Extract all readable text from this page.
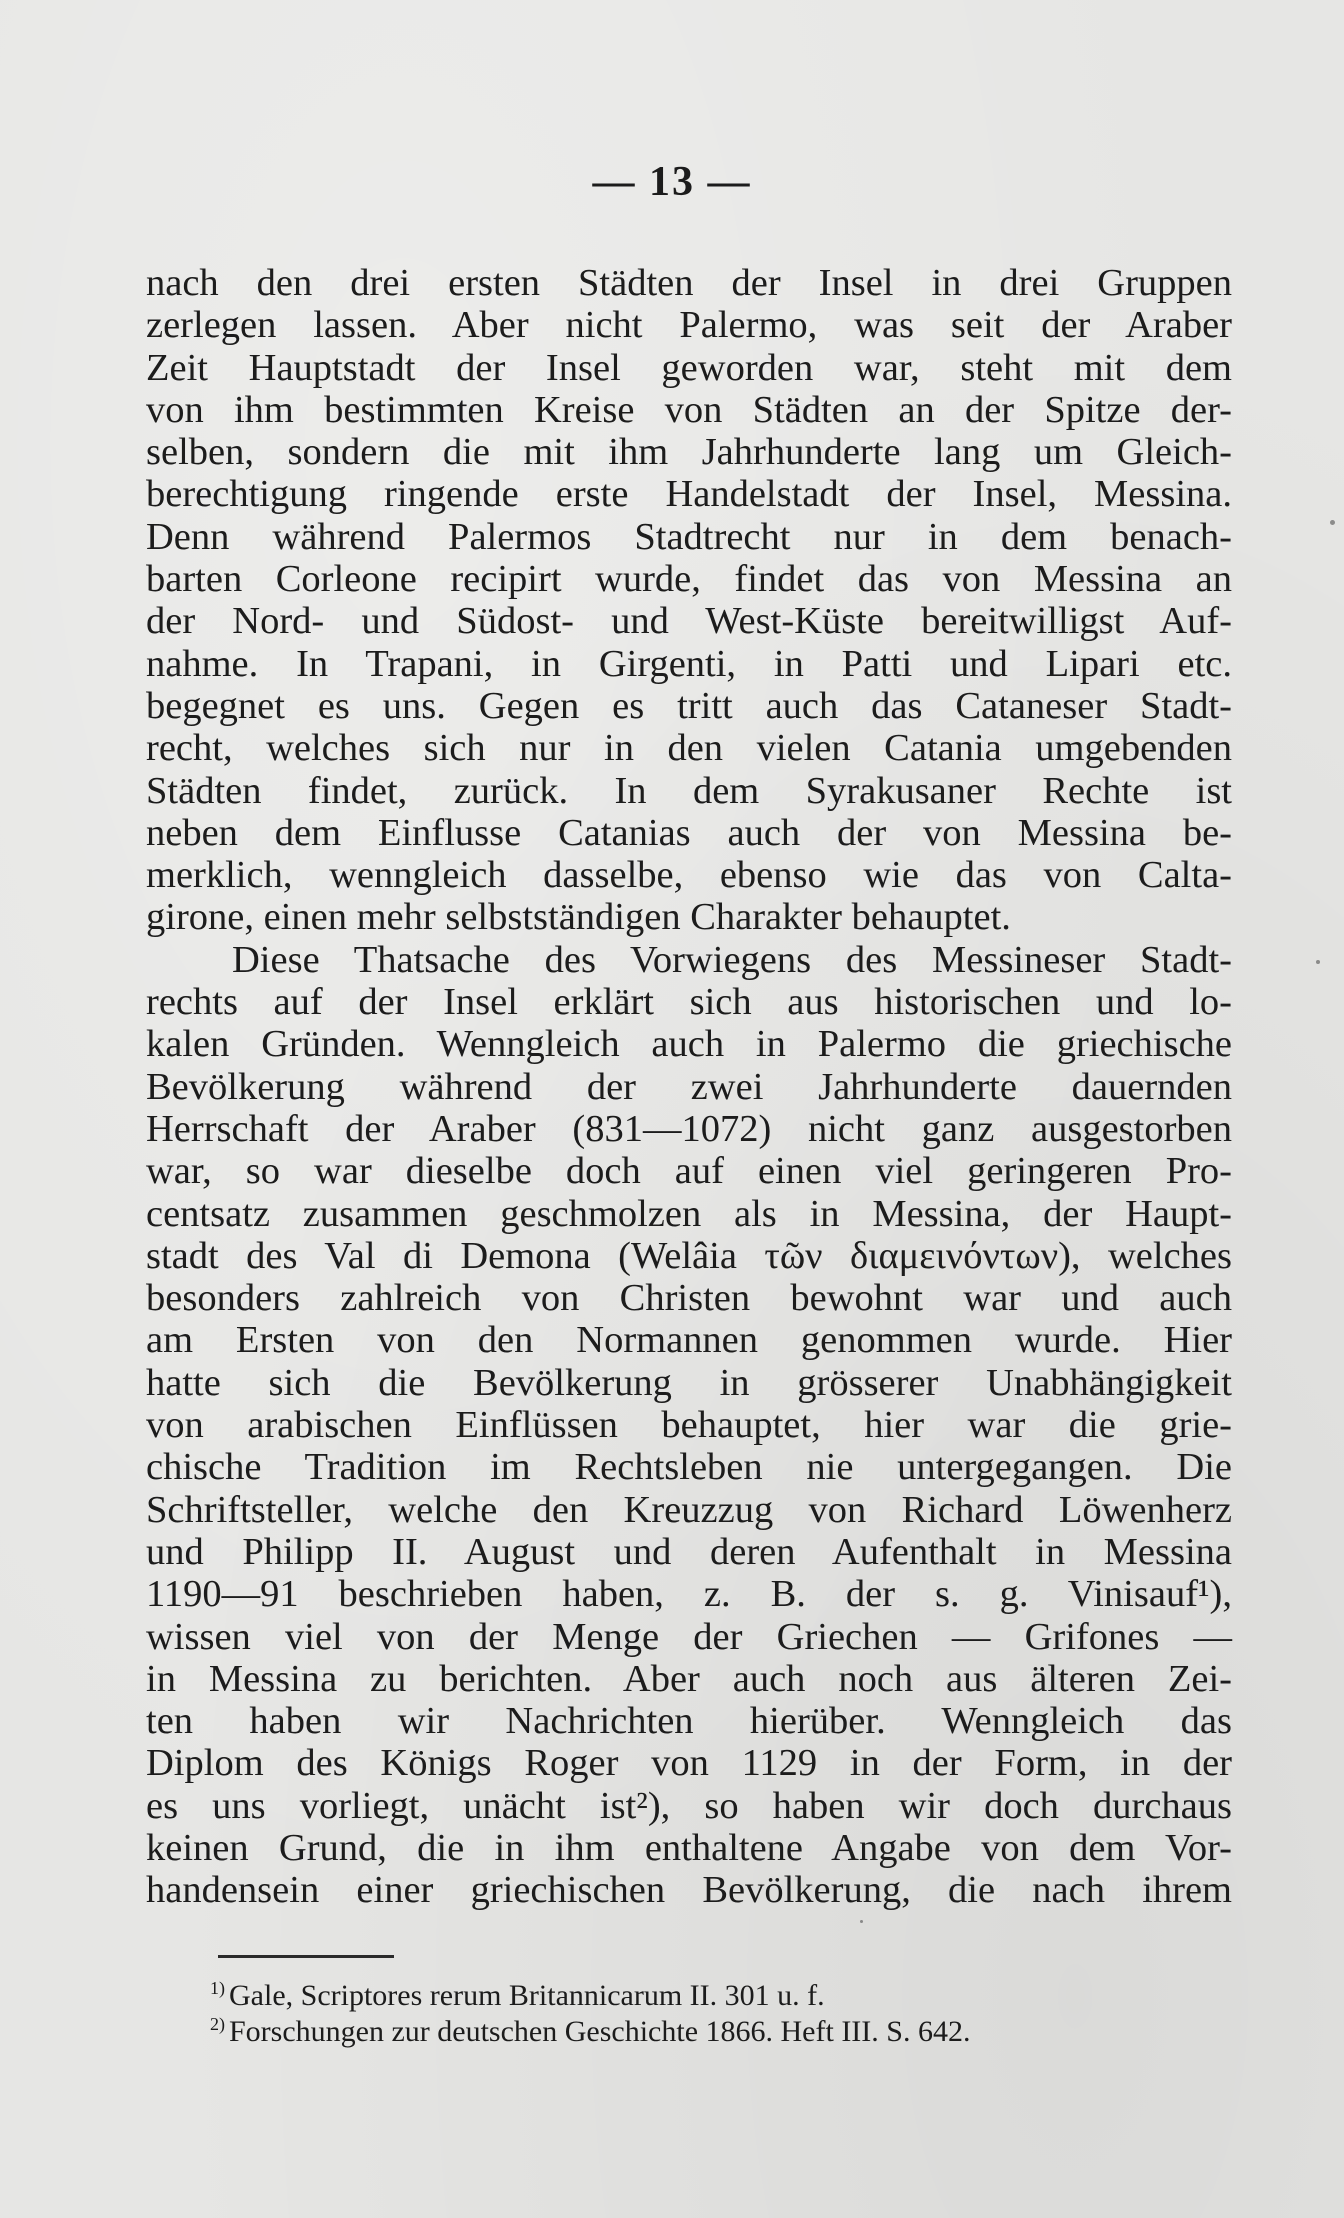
— 13 —
nach den drei ersten Städten der Insel in drei Gruppen
zerlegen lassen. Aber nicht Palermo, was seit der Araber
Zeit Hauptstadt der Insel geworden war, steht mit dem
von ihm bestimmten Kreise von Städten an der Spitze der-
selben, sondern die mit ihm Jahrhunderte lang um Gleich-
berechtigung ringende erste Handelstadt der Insel, Messina.
Denn während Palermos Stadtrecht nur in dem benach-
barten Corleone recipirt wurde, findet das von Messina an
der Nord- und Südost- und West-Küste bereitwilligst Auf-
nahme. In Trapani, in Girgenti, in Patti und Lipari etc.
begegnet es uns. Gegen es tritt auch das Cataneser Stadt-
recht, welches sich nur in den vielen Catania umgebenden
Städten findet, zurück. In dem Syrakusaner Rechte ist
neben dem Einflusse Catanias auch der von Messina be-
merklich, wenngleich dasselbe, ebenso wie das von Calta-
girone, einen mehr selbstständigen Charakter behauptet.
Diese Thatsache des Vorwiegens des Messineser Stadt-
rechts auf der Insel erklärt sich aus historischen und lo-
kalen Gründen. Wenngleich auch in Palermo die griechische
Bevölkerung während der zwei Jahrhunderte dauernden
Herrschaft der Araber (831—1072) nicht ganz ausgestorben
war, so war dieselbe doch auf einen viel geringeren Pro-
centsatz zusammen geschmolzen als in Messina, der Haupt-
stadt des Val di Demona (Welâia τῶν διαμεινόντων), welches
besonders zahlreich von Christen bewohnt war und auch
am Ersten von den Normannen genommen wurde. Hier
hatte sich die Bevölkerung in grösserer Unabhängigkeit
von arabischen Einflüssen behauptet, hier war die grie-
chische Tradition im Rechtsleben nie untergegangen. Die
Schriftsteller, welche den Kreuzzug von Richard Löwenherz
und Philipp II. August und deren Aufenthalt in Messina
1190—91 beschrieben haben, z. B. der s. g. Vinisauf¹),
wissen viel von der Menge der Griechen — Grifones —
in Messina zu berichten. Aber auch noch aus älteren Zei-
ten haben wir Nachrichten hierüber. Wenngleich das
Diplom des Königs Roger von 1129 in der Form, in der
es uns vorliegt, unächt ist²), so haben wir doch durchaus
keinen Grund, die in ihm enthaltene Angabe von dem Vor-
handensein einer griechischen Bevölkerung, die nach ihrem
$^{1)}$ Gale, Scriptores rerum Britannicarum II. 301 u. f.
$^{2)}$ Forschungen zur deutschen Geschichte 1866. Heft III. S. 642.
